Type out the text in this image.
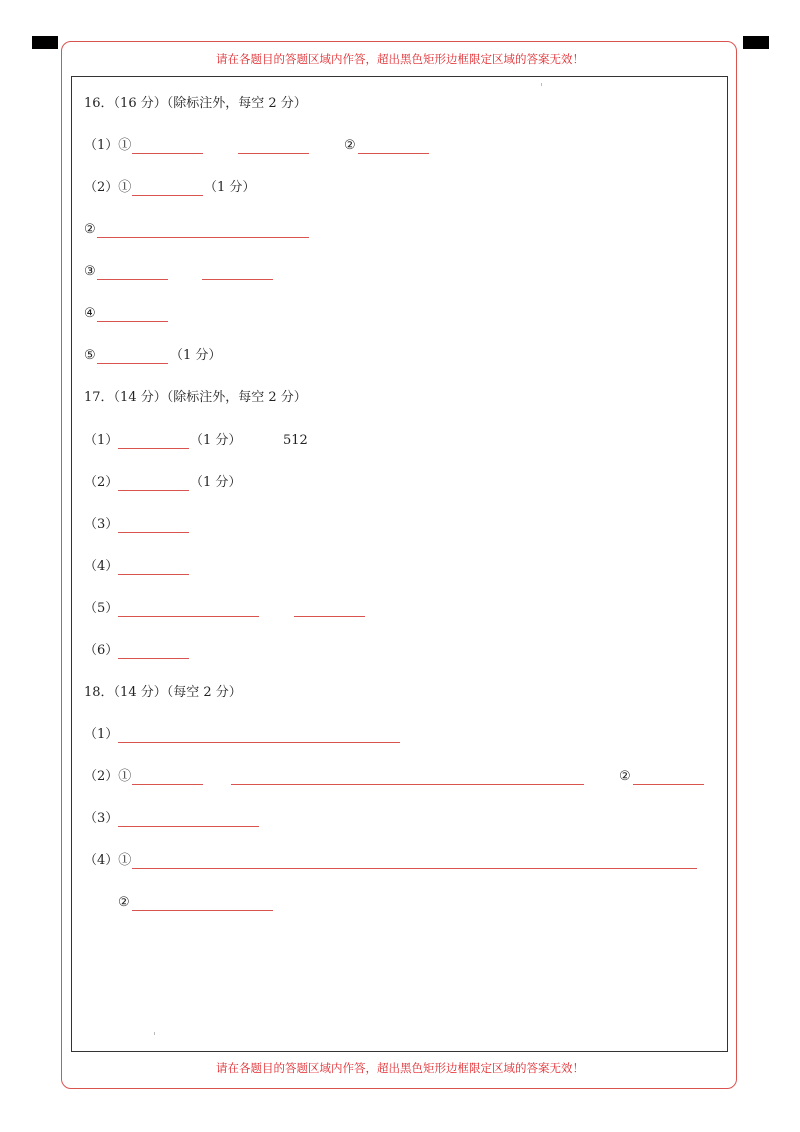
请在各题目的答题区域内作答，超出黑色矩形边框限定区域的答案无效！
16．（16 分）（除标注外，每空 2 分）
（1）①	②
（2）①	（1 分）
②
③
④
⑤	（1 分）
17．（14 分）（除标注外，每空 2 分）
（1）	（1 分）	512
（2）	（1 分）
（3）
（4）
（5）
（6）
18．（14 分）（每空 2 分）
（1）
（2）①	②
（3）
（4）①
②
请在各题目的答题区域内作答，超出黑色矩形边框限定区域的答案无效！
